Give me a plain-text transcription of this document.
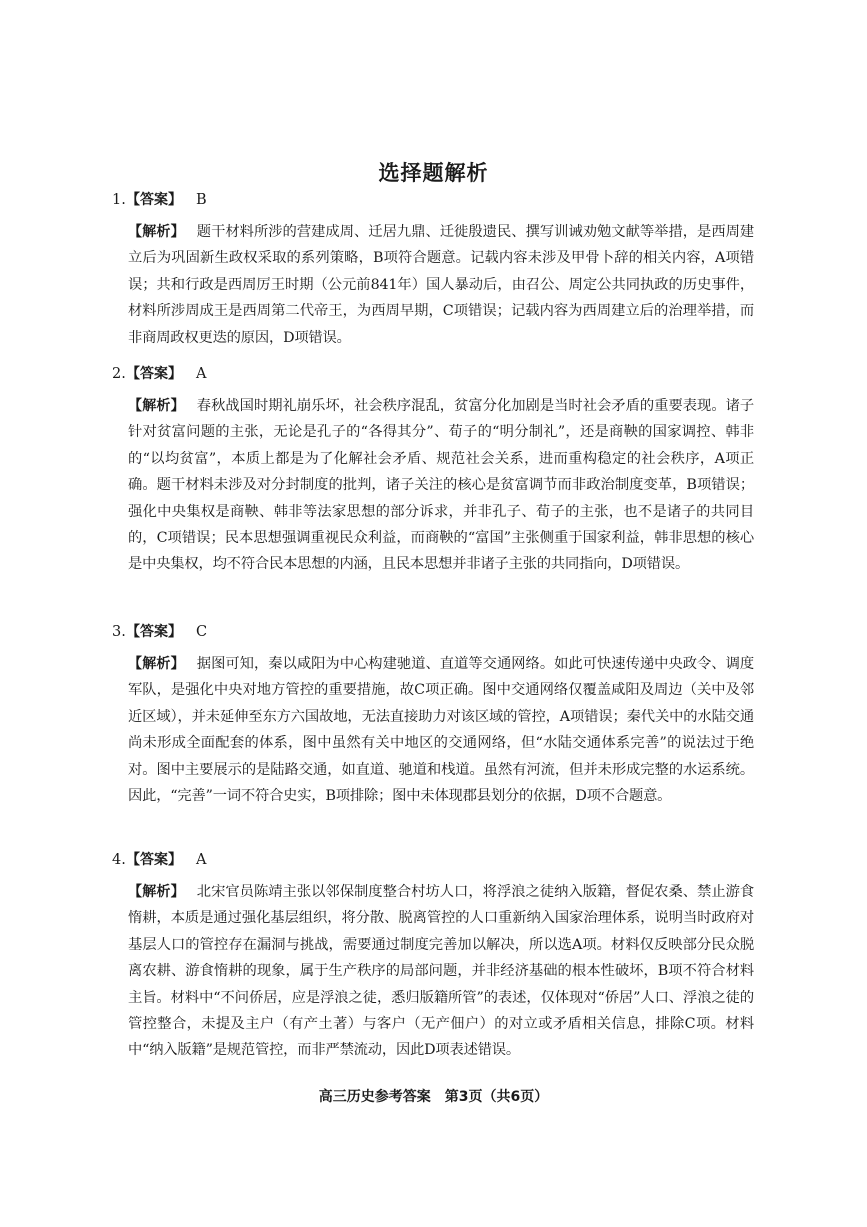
选择题解析
1.【答案】 B
【解析】 题干材料所涉的营建成周、迁居九鼎、迁徙殷遗民、撰写训诫劝勉文献等举措，是西周建立后为巩固新生政权采取的系列策略，B项符合题意。记载内容未涉及甲骨卜辞的相关内容，A项错误；共和行政是西周厉王时期（公元前841年）国人暴动后，由召公、周定公共同执政的历史事件，材料所涉周成王是西周第二代帝王，为西周早期，C项错误；记载内容为西周建立后的治理举措，而非商周政权更迭的原因，D项错误。
2.【答案】 A
【解析】 春秋战国时期礼崩乐坏，社会秩序混乱，贫富分化加剧是当时社会矛盾的重要表现。诸子针对贫富问题的主张，无论是孔子的“各得其分”、荀子的“明分制礼”，还是商鞅的国家调控、韩非的“以均贫富”，本质上都是为了化解社会矛盾、规范社会关系，进而重构稳定的社会秩序，A项正确。题干材料未涉及对分封制度的批判，诸子关注的核心是贫富调节而非政治制度变革，B项错误；强化中央集权是商鞅、韩非等法家思想的部分诉求，并非孔子、荀子的主张，也不是诸子的共同目的，C项错误；民本思想强调重视民众利益，而商鞅的“富国”主张侧重于国家利益，韩非思想的核心是中央集权，均不符合民本思想的内涵，且民本思想并非诸子主张的共同指向，D项错误。
3.【答案】 C
【解析】 据图可知，秦以咸阳为中心构建驰道、直道等交通网络。如此可快速传递中央政令、调度军队，是强化中央对地方管控的重要措施，故C项正确。图中交通网络仅覆盖咸阳及周边（关中及邻近区域），并未延伸至东方六国故地，无法直接助力对该区域的管控，A项错误；秦代关中的水陆交通尚未形成全面配套的体系，图中虽然有关中地区的交通网络，但“水陆交通体系完善”的说法过于绝对。图中主要展示的是陆路交通，如直道、驰道和栈道。虽然有河流，但并未形成完整的水运系统。因此，“完善”一词不符合史实，B项排除；图中未体现郡县划分的依据，D项不合题意。
4.【答案】 A
【解析】 北宋官员陈靖主张以邻保制度整合村坊人口，将浮浪之徒纳入版籍，督促农桑、禁止游食惰耕，本质是通过强化基层组织，将分散、脱离管控的人口重新纳入国家治理体系，说明当时政府对基层人口的管控存在漏洞与挑战，需要通过制度完善加以解决，所以选A项。材料仅反映部分民众脱离农耕、游食惰耕的现象，属于生产秩序的局部问题，并非经济基础的根本性破坏，B项不符合材料主旨。材料中“不问侨居，应是浮浪之徒，悉归版籍所管”的表述，仅体现对“侨居”人口、浮浪之徒的管控整合，未提及主户（有产土著）与客户（无产佃户）的对立或矛盾相关信息，排除C项。材料中“纳入版籍”是规范管控，而非严禁流动，因此D项表述错误。
高三历史参考答案　第3页（共6页）
